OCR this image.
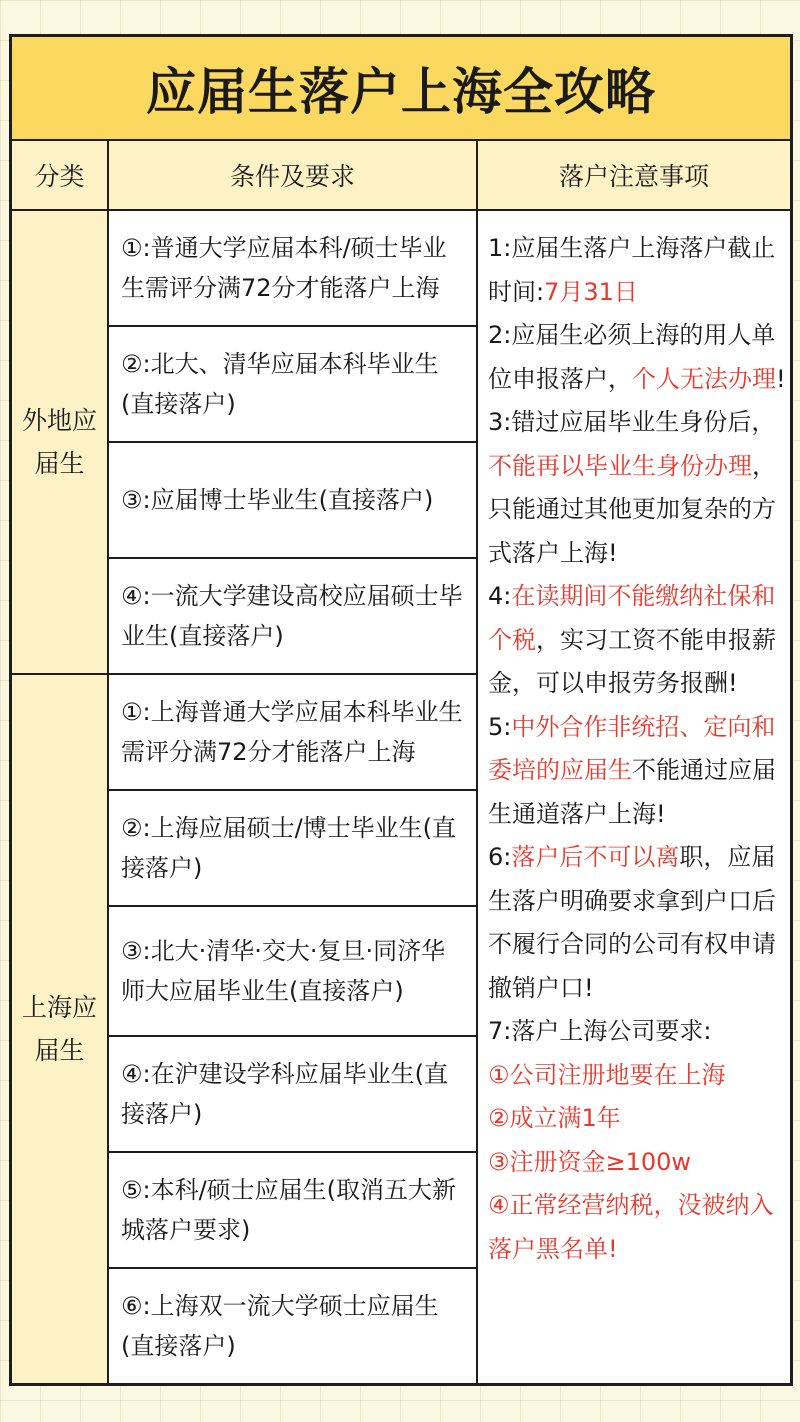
应届生落户上海全攻略
分类	条件及要求	落户注意事项
外地应届生
上海应届生
①:普通大学应届本科/硕士毕业生需评分满72分才能落户上海
②:北大、清华应届本科毕业生(直接落户)
③:应届博士毕业生(直接落户)
④:一流大学建设高校应届硕士毕业生(直接落户)
①:上海普通大学应届本科毕业生需评分满72分才能落户上海
②:上海应届硕士/博士毕业生(直接落户)
③:北大·清华·交大·复旦·同济华师大应届毕业生(直接落户)
④:在沪建设学科应届毕业生(直接落户)
⑤:本科/硕士应届生(取消五大新城落户要求)
⑥:上海双一流大学硕士应届生(直接落户)

1:应届生落户上海落户截止时间:7月31日

2:应届生必须上海的用人单位申报落户，个人无法办理!

3:错过应届毕业生身份后，不能再以毕业生身份办理，只能通过其他更加复杂的方式落户上海!

4:在读期间不能缴纳社保和个税，实习工资不能申报薪金，可以申报劳务报酬!

5:中外合作非统招、定向和委培的应届生不能通过应届生通道落户上海!

6:落户后不可以离职，应届生落户明确要求拿到户口后不履行合同的公司有权申请撤销户口!

7:落户上海公司要求:

①公司注册地要在上海

②成立满1年

③注册资金≥100w

④正常经营纳税，没被纳入落户黑名单!
